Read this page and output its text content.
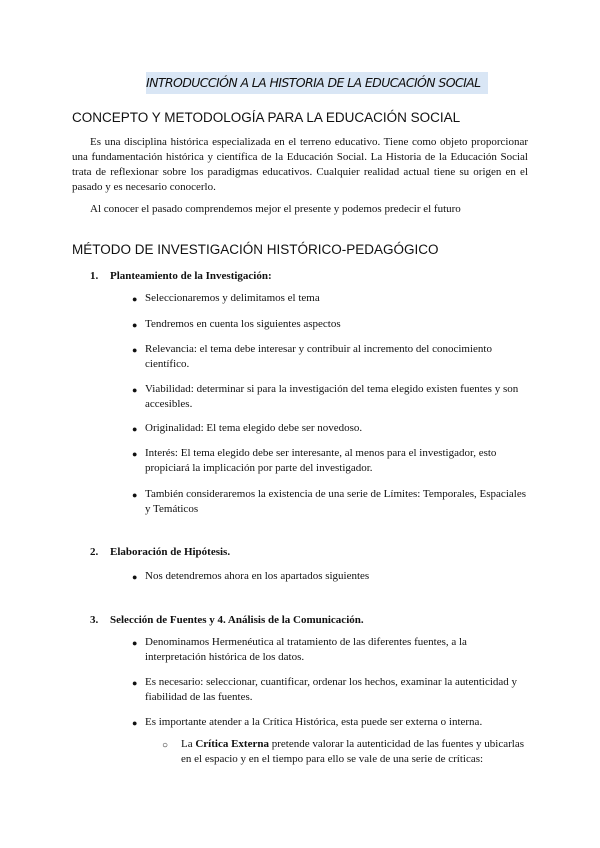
INTRODUCCIÓN A LA HISTORIA DE LA EDUCACIÓN SOCIAL
CONCEPTO Y METODOLOGÍA PARA LA EDUCACIÓN SOCIAL
Es una disciplina histórica especializada en el terreno educativo. Tiene como objeto proporcionar una fundamentación histórica y científica de la Educación Social. La Historia de la Educación Social trata de reflexionar sobre los paradigmas educativos. Cualquier realidad actual tiene su origen en el pasado y es necesario conocerlo.
Al conocer el pasado comprendemos mejor el presente y podemos predecir el futuro
MÉTODO DE INVESTIGACIÓN HISTÓRICO-PEDAGÓGICO
1. Planteamiento de la Investigación:
● Seleccionaremos y delimitamos el tema
● Tendremos en cuenta los siguientes aspectos
● Relevancia: el tema debe interesar y contribuir al incremento del conocimiento científico.
● Viabilidad: determinar si para la investigación del tema elegido existen fuentes y son accesibles.
● Originalidad: El tema elegido debe ser novedoso.
● Interés: El tema elegido debe ser interesante, al menos para el investigador, esto propiciará la implicación por parte del investigador.
● También consideraremos la existencia de una serie de Límites: Temporales, Espaciales y Temáticos
2. Elaboración de Hipótesis.
● Nos detendremos ahora en los apartados siguientes
3. Selección de Fuentes y 4. Análisis de la Comunicación.
● Denominamos Hermenéutica al tratamiento de las diferentes fuentes, a la interpretación histórica de los datos.
● Es necesario: seleccionar, cuantificar, ordenar los hechos, examinar la autenticidad y fiabilidad de las fuentes.
● Es importante atender a la Crítica Histórica, esta puede ser externa o interna.
○ La Crítica Externa pretende valorar la autenticidad de las fuentes y ubicarlas en el espacio y en el tiempo para ello se vale de una serie de críticas:
